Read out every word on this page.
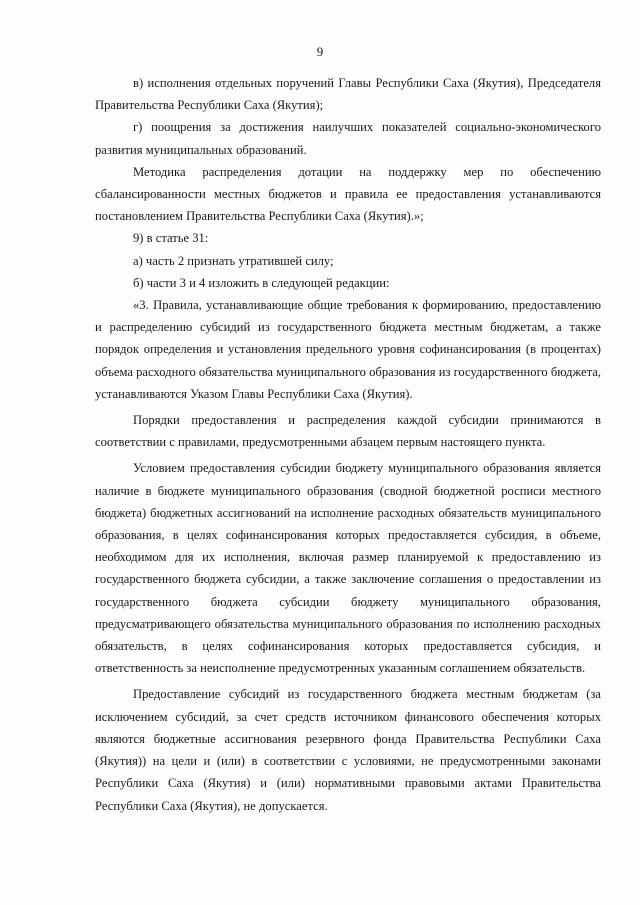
9

в) исполнения отдельных поручений Главы Республики Саха (Якутия), Председателя Правительства Республики Саха (Якутия);

г) поощрения за достижения наилучших показателей социально-экономического развития муниципальных образований.

Методика распределения дотации на поддержку мер по обеспечению сбалансированности местных бюджетов и правила ее предоставления устанавливаются постановлением Правительства Республики Саха (Якутия).»;

9) в статье 31:

а) часть 2 признать утратившей силу;

б) части 3 и 4 изложить в следующей редакции:

«3. Правила, устанавливающие общие требования к формированию, предоставлению и распределению субсидий из государственного бюджета местным бюджетам, а также порядок определения и установления предельного уровня софинансирования (в процентах) объема расходного обязательства муниципального образования из государственного бюджета, устанавливаются Указом Главы Республики Саха (Якутия).

Порядки предоставления и распределения каждой субсидии принимаются в соответствии с правилами, предусмотренными абзацем первым настоящего пункта.

Условием предоставления субсидии бюджету муниципального образования является наличие в бюджете муниципального образования (сводной бюджетной росписи местного бюджета) бюджетных ассигнований на исполнение расходных обязательств муниципального образования, в целях софинансирования которых предоставляется субсидия, в объеме, необходимом для их исполнения, включая размер планируемой к предоставлению из государственного бюджета субсидии, а также заключение соглашения о предоставлении из государственного бюджета субсидии бюджету муниципального образования, предусматривающего обязательства муниципального образования по исполнению расходных обязательств, в целях софинансирования которых предоставляется субсидия, и ответственность за неисполнение предусмотренных указанным соглашением обязательств.

Предоставление субсидий из государственного бюджета местным бюджетам (за исключением субсидий, за счет средств источником финансового обеспечения которых являются бюджетные ассигнования резервного фонда Правительства Республики Саха (Якутия)) на цели и (или) в соответствии с условиями, не предусмотренными законами Республики Саха (Якутия) и (или) нормативными правовыми актами Правительства Республики Саха (Якутия), не допускается.
